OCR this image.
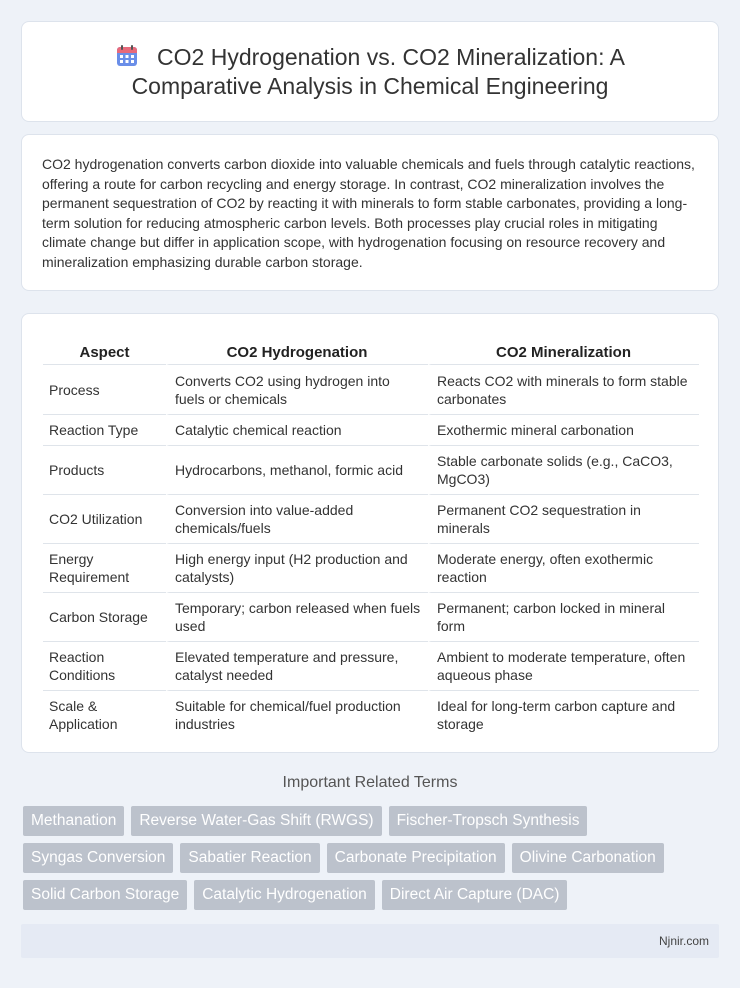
CO2 Hydrogenation vs. CO2 Mineralization: A Comparative Analysis in Chemical Engineering

CO2 hydrogenation converts carbon dioxide into valuable chemicals and fuels through catalytic reactions, offering a route for carbon recycling and energy storage. In contrast, CO2 mineralization involves the permanent sequestration of CO2 by reacting it with minerals to form stable carbonates, providing a long-term solution for reducing atmospheric carbon levels. Both processes play crucial roles in mitigating climate change but differ in application scope, with hydrogenation focusing on resource recovery and mineralization emphasizing durable carbon storage.

Aspect	CO2 Hydrogenation	CO2 Mineralization
Process	Converts CO2 using hydrogen into fuels or chemicals	Reacts CO2 with minerals to form stable carbonates
Reaction Type	Catalytic chemical reaction	Exothermic mineral carbonation
Products	Hydrocarbons, methanol, formic acid	Stable carbonate solids (e.g., CaCO3, MgCO3)
CO2 Utilization	Conversion into value-added chemicals/fuels	Permanent CO2 sequestration in minerals
Energy Requirement	High energy input (H2 production and catalysts)	Moderate energy, often exothermic reaction
Carbon Storage	Temporary; carbon released when fuels used	Permanent; carbon locked in mineral form
Reaction Conditions	Elevated temperature and pressure, catalyst needed	Ambient to moderate temperature, often aqueous phase
Scale & Application	Suitable for chemical/fuel production industries	Ideal for long-term carbon capture and storage
Important Related Terms
Methanation	Reverse Water-Gas Shift (RWGS)	Fischer-Tropsch Synthesis
Syngas Conversion	Sabatier Reaction	Carbonate Precipitation	Olivine Carbonation
Solid Carbon Storage	Catalytic Hydrogenation	Direct Air Capture (DAC)
Njnir.com
